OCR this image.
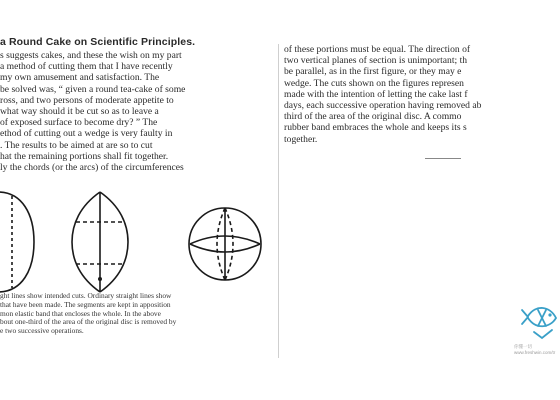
a Round Cake on Scientific Principles.
s suggests cakes, and these the wish on my part
a method of cutting them that I have recently
my own amusement and satisfaction. The
be solved was, “ given a round tea-cake of some
ross, and two persons of moderate appetite to
what way should it be cut so as to leave a
of exposed surface to become dry? ” The
ethod of cutting out a wedge is very faulty in
. The results to be aimed at are so to cut
hat the remaining portions shall fit together.
ly the chords (or the arcs) of the circumferences
of these portions must be equal. The direction of
two vertical planes of section is unimportant; th
be parallel, as in the first figure, or they may e
wedge. The cuts shown on the figures represen
made with the intention of letting the cake last f
days, each successive operation having removed ab
third of the area of the original disc. A commo
rubber band embraces the whole and keeps its s
together.
ght lines show intended cuts. Ordinary straight lines show
that have been made. The segments are kept in apposition
mon elastic band that encloses the whole. In the above
bout one-third of the area of the original disc is removed by
e two successive operations.
你懂一切
www.freshwin.com/tr
